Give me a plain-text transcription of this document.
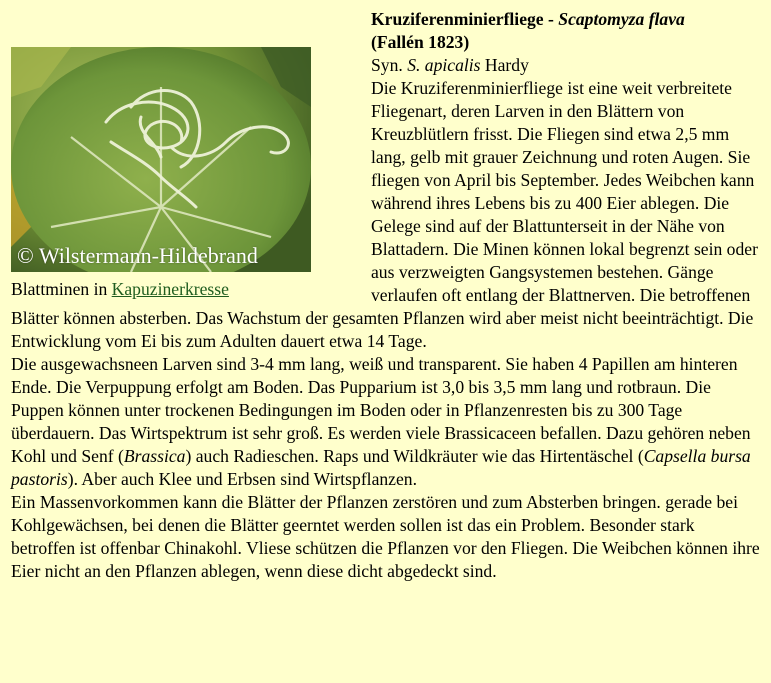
© Wilstermann-Hildebrand
Blattminen in Kapuzinerkresse
Kruziferenminierfliege - Scaptomyza flava
(Fallén 1823)
Syn. S. apicalis Hardy

Die Kruziferenminierfliege ist eine weit verbreitete Fliegenart, deren Larven in den Blättern von Kreuzblütlern frisst. Die Fliegen sind etwa 2,5 mm lang, gelb mit grauer Zeichnung und roten Augen. Sie fliegen von April bis September. Jedes Weibchen kann während ihres Lebens bis zu 400 Eier ablegen. Die Gelege sind auf der Blattunterseit in der Nähe von Blattadern. Die Minen können lokal begrenzt sein oder aus verzweigten Gangsystemen bestehen. Gänge verlaufen oft entlang der Blattnerven. Die betroffenen Blätter können absterben. Das Wachstum der gesamten Pflanzen wird aber meist nicht beeinträchtigt. Die Entwicklung vom Ei bis zum Adulten dauert etwa 14 Tage.

Die ausgewachsneen Larven sind 3-4 mm lang, weiß und transparent. Sie haben 4 Papillen am hinteren Ende. Die Verpuppung erfolgt am Boden. Das Pupparium ist 3,0 bis 3,5 mm lang und rotbraun. Die Puppen können unter trockenen Bedingungen im Boden oder in Pflanzenresten bis zu 300 Tage überdauern. Das Wirtspektrum ist sehr groß. Es werden viele Brassicaceen befallen. Dazu gehören neben Kohl und Senf (Brassica) auch Radieschen. Raps und Wildkräuter wie das Hirtentäschel (Capsella bursa pastoris). Aber auch Klee und Erbsen sind Wirtspflanzen.

Ein Massenvorkommen kann die Blätter der Pflanzen zerstören und zum Absterben bringen. gerade bei Kohlgewächsen, bei denen die Blätter geerntet werden sollen ist das ein Problem. Besonder stark betroffen ist offenbar Chinakohl. Vliese schützen die Pflanzen vor den Fliegen. Die Weibchen können ihre Eier nicht an den Pflanzen ablegen, wenn diese dicht abgedeckt sind.
